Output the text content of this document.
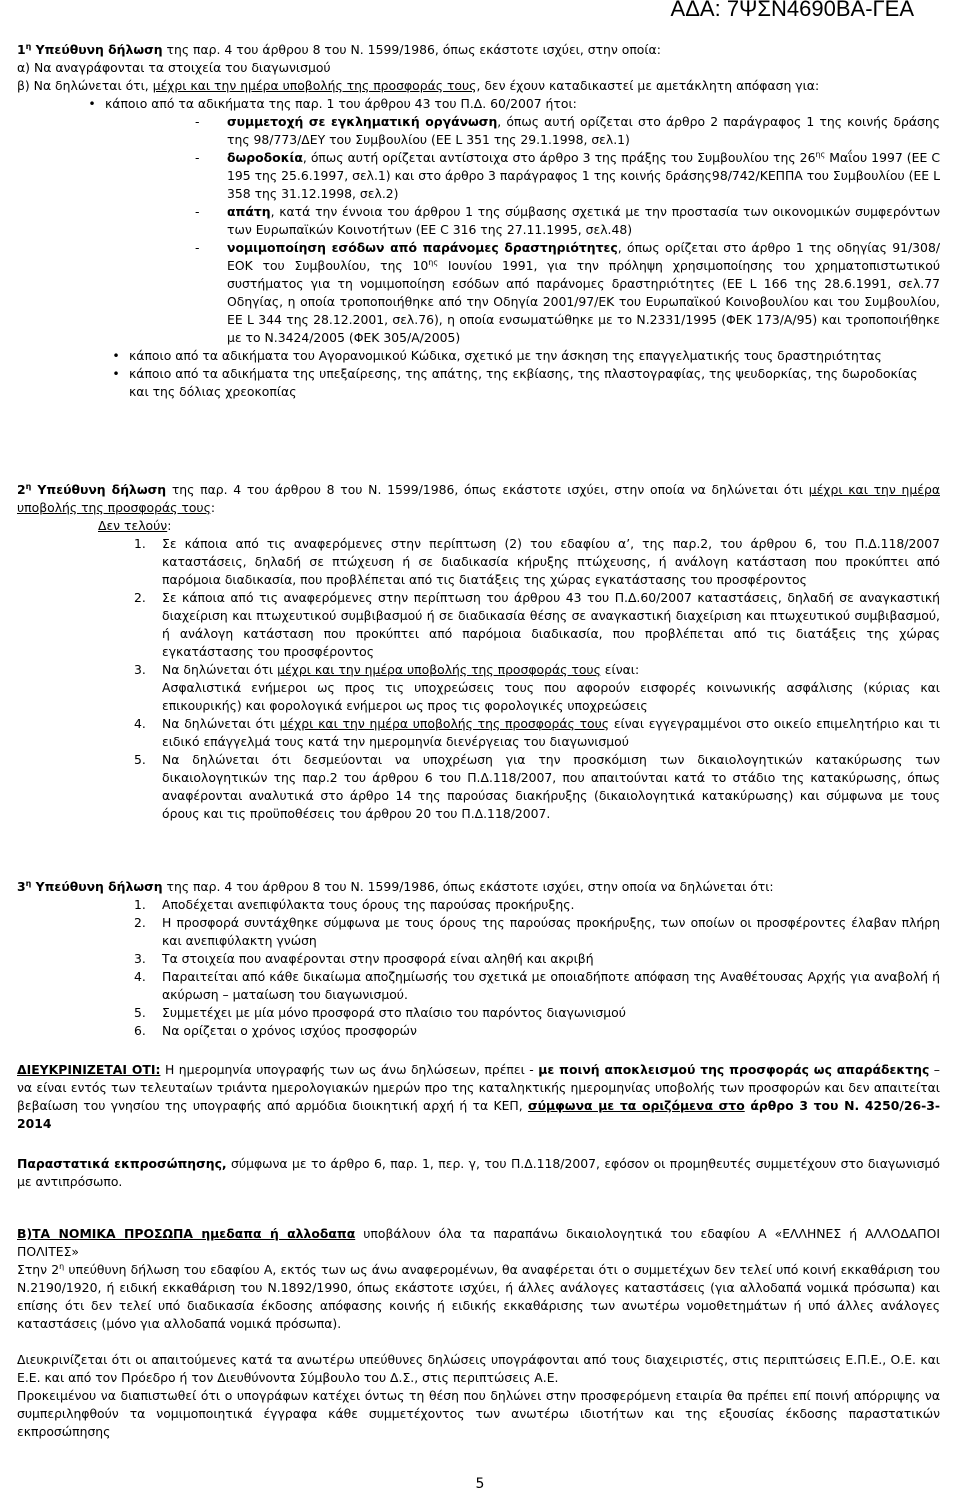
ΑΔΑ: 7ΨΣΝ4690ΒΑ-ΓΕΑ

$1^\eta$ Υπεύθυνη δήλωση της παρ. 4 του άρθρου 8 του Ν. 1599/1986, όπως εκάστοτε ισχύει, στην οποία:

α) Να αναγράφονται τα στοιχεία του διαγωνισμού

β) Να δηλώνεται ότι, μέχρι και την ημέρα υποβολής της προσφοράς τους, δεν έχουν καταδικαστεί με αμετάκλητη απόφαση για:

• κάποιο από τα αδικήματα της παρ. 1 του άρθρου 43 του Π.Δ. 60/2007 ήτοι:
-	συμμετοχή σε εγκληματική οργάνωση, όπως αυτή ορίζεται στο άρθρο 2 παράγραφος 1 της κοινής δράσης της 98/773/ΔΕΥ του Συμβουλίου (ΕΕ L 351 της 29.1.1998, σελ.1)
-	δωροδοκία, όπως αυτή ορίζεται αντίστοιχα στο άρθρο 3 της πράξης του Συμβουλίου της $26^{\eta\varsigma}$ Μαΐου 1997 (ΕΕ C 195 της 25.6.1997, σελ.1) και στο άρθρο 3 παράγραφος 1 της κοινής δράσης98/742/ΚΕΠΠΑ του Συμβουλίου (ΕΕ L 358 της 31.12.1998, σελ.2)
-	απάτη, κατά την έννοια του άρθρου 1 της σύμβασης σχετικά με την προστασία των οικονομικών συμφερόντων των Ευρωπαϊκών Κοινοτήτων (ΕΕ C 316 της 27.11.1995, σελ.48)
-	νομιμοποίηση εσόδων από παράνομες δραστηριότητες, όπως ορίζεται στο άρθρο 1 της οδηγίας 91/308/ΕΟΚ του Συμβουλίου, της $10^{\eta\varsigma}$ Ιουνίου 1991, για την πρόληψη χρησιμοποίησης του χρηματοπιστωτικού συστήματος για τη νομιμοποίηση εσόδων από παράνομες δραστηριότητες (ΕΕ L 166 της 28.6.1991, σελ.77 Οδηγίας, η οποία τροποποιήθηκε από την Οδηγία 2001/97/ΕΚ του Ευρωπαϊκού Κοινοβουλίου και του Συμβουλίου, ΕΕ L 344 της 28.12.2001, σελ.76), η οποία ενσωματώθηκε με το Ν.2331/1995 (ΦΕΚ 173/Α/95) και τροποποιήθηκε με το Ν.3424/2005 (ΦΕΚ 305/Α/2005)
• κάποιο από τα αδικήματα του Αγορανομικού Κώδικα, σχετικό με την άσκηση της επαγγελματικής τους δραστηριότητας
• κάποιο από τα αδικήματα της υπεξαίρεσης, της απάτης, της εκβίασης, της πλαστογραφίας, της ψευδορκίας, της δωροδοκίας και της δόλιας χρεοκοπίας

$2^\eta$ Υπεύθυνη δήλωση της παρ. 4 του άρθρου 8 του Ν. 1599/1986, όπως εκάστοτε ισχύει, στην οποία να δηλώνεται ότι μέχρι και την ημέρα υποβολής της προσφοράς τους:

Δεν τελούν:

1.	Σε κάποια από τις αναφερόμενες στην περίπτωση (2) του εδαφίου α’, της παρ.2, του άρθρου 6, του Π.Δ.118/2007 καταστάσεις, δηλαδή σε πτώχευση ή σε διαδικασία κήρυξης πτώχευσης, ή ανάλογη κατάσταση που προκύπτει από παρόμοια διαδικασία, που προβλέπεται από τις διατάξεις της χώρας εγκατάστασης του προσφέροντος
2.	Σε κάποια από τις αναφερόμενες στην περίπτωση του άρθρου 43 του Π.Δ.60/2007 καταστάσεις, δηλαδή σε αναγκαστική διαχείριση και πτωχευτικού συμβιβασμού ή σε διαδικασία θέσης σε αναγκαστική διαχείριση και πτωχευτικού συμβιβασμού, ή ανάλογη κατάσταση που προκύπτει από παρόμοια διαδικασία, που προβλέπεται από τις διατάξεις της χώρας εγκατάστασης του προσφέροντος
3.	Να δηλώνεται ότι μέχρι και την ημέρα υποβολής της προσφοράς τους είναι:
Ασφαλιστικά ενήμεροι ως προς τις υποχρεώσεις τους που αφορούν εισφορές κοινωνικής ασφάλισης (κύριας και επικουρικής) και φορολογικά ενήμεροι ως προς τις φορολογικές υποχρεώσεις
4.	Να δηλώνεται ότι μέχρι και την ημέρα υποβολής της προσφοράς τους είναι εγγεγραμμένοι στο οικείο επιμελητήριο και τι ειδικό επάγγελμά τους κατά την ημερομηνία διενέργειας του διαγωνισμού
5.	Να δηλώνεται ότι δεσμεύονται να υποχρέωση για την προσκόμιση των δικαιολογητικών κατακύρωσης των δικαιολογητικών της παρ.2 του άρθρου 6 του Π.Δ.118/2007, που απαιτούνται κατά το στάδιο της κατακύρωσης, όπως αναφέρονται αναλυτικά στο άρθρο 14 της παρούσας διακήρυξης (δικαιολογητικά κατακύρωσης) και σύμφωνα με τους όρους και τις προϋποθέσεις του άρθρου 20 του Π.Δ.118/2007.

$3^\eta$ Υπεύθυνη δήλωση της παρ. 4 του άρθρου 8 του Ν. 1599/1986, όπως εκάστοτε ισχύει, στην οποία να δηλώνεται ότι:

1.	Αποδέχεται ανεπιφύλακτα τους όρους της παρούσας προκήρυξης.
2.	Η προσφορά συντάχθηκε σύμφωνα με τους όρους της παρούσας προκήρυξης, των οποίων οι προσφέροντες έλαβαν πλήρη και ανεπιφύλακτη γνώση
3.	Τα στοιχεία που αναφέρονται στην προσφορά είναι αληθή και ακριβή
4.	Παραιτείται από κάθε δικαίωμα αποζημίωσής του σχετικά με οποιαδήποτε απόφαση της Αναθέτουσας Αρχής για αναβολή ή ακύρωση – ματαίωση του διαγωνισμού.
5.	Συμμετέχει με μία μόνο προσφορά στο πλαίσιο του παρόντος διαγωνισμού
6.	Να ορίζεται ο χρόνος ισχύος προσφορών

ΔΙΕΥΚΡΙΝΙΖΕΤΑΙ ΟΤΙ: Η ημερομηνία υπογραφής των ως άνω δηλώσεων, πρέπει - με ποινή αποκλεισμού της προσφοράς ως απαράδεκτης –να είναι εντός των τελευταίων τριάντα ημερολογιακών ημερών προ της καταληκτικής ημερομηνίας υποβολής των προσφορών και δεν απαιτείται βεβαίωση του γνησίου της υπογραφής από αρμόδια διοικητική αρχή ή τα ΚΕΠ, σύμφωνα με τα οριζόμενα στο άρθρο 3 του Ν. 4250/26-3-2014

Παραστατικά εκπροσώπησης, σύμφωνα με το άρθρο 6, παρ. 1, περ. γ, του Π.Δ.118/2007, εφόσον οι προμηθευτές συμμετέχουν στο διαγωνισμό με αντιπρόσωπο.

Β)ΤΑ ΝΟΜΙΚΑ ΠΡΟΣΩΠΑ ημεδαπα ή αλλοδαπα υποβάλουν όλα τα παραπάνω δικαιολογητικά του εδαφίου Α «ΕΛΛΗΝΕΣ ή ΑΛΛΟΔΑΠΟΙ ΠΟΛΙΤΕΣ»

Στην $2^\eta$ υπεύθυνη δήλωση του εδαφίου Α, εκτός των ως άνω αναφερομένων, θα αναφέρεται ότι ο συμμετέχων δεν τελεί υπό κοινή εκκαθάριση του Ν.2190/1920, ή ειδική εκκαθάριση του Ν.1892/1990, όπως εκάστοτε ισχύει, ή άλλες ανάλογες καταστάσεις (για αλλοδαπά νομικά πρόσωπα) και επίσης ότι δεν τελεί υπό διαδικασία έκδοσης απόφασης κοινής ή ειδικής εκκαθάρισης των ανωτέρω νομοθετημάτων ή υπό άλλες ανάλογες καταστάσεις (μόνο για αλλοδαπά νομικά πρόσωπα).

Διευκρινίζεται ότι οι απαιτούμενες κατά τα ανωτέρω υπεύθυνες δηλώσεις υπογράφονται από τους διαχειριστές, στις περιπτώσεις Ε.Π.Ε., Ο.Ε. και Ε.Ε. και από τον Πρόεδρο ή τον Διευθύνοντα Σύμβουλο του Δ.Σ., στις περιπτώσεις Α.Ε.

Προκειμένου να διαπιστωθεί ότι ο υπογράφων κατέχει όντως τη θέση που δηλώνει στην προσφερόμενη εταιρία θα πρέπει επί ποινή απόρριψης να συμπεριληφθούν τα νομιμοποιητικά έγγραφα κάθε συμμετέχοντος των ανωτέρω ιδιοτήτων και της εξουσίας έκδοσης παραστατικών εκπροσώπησης

5
